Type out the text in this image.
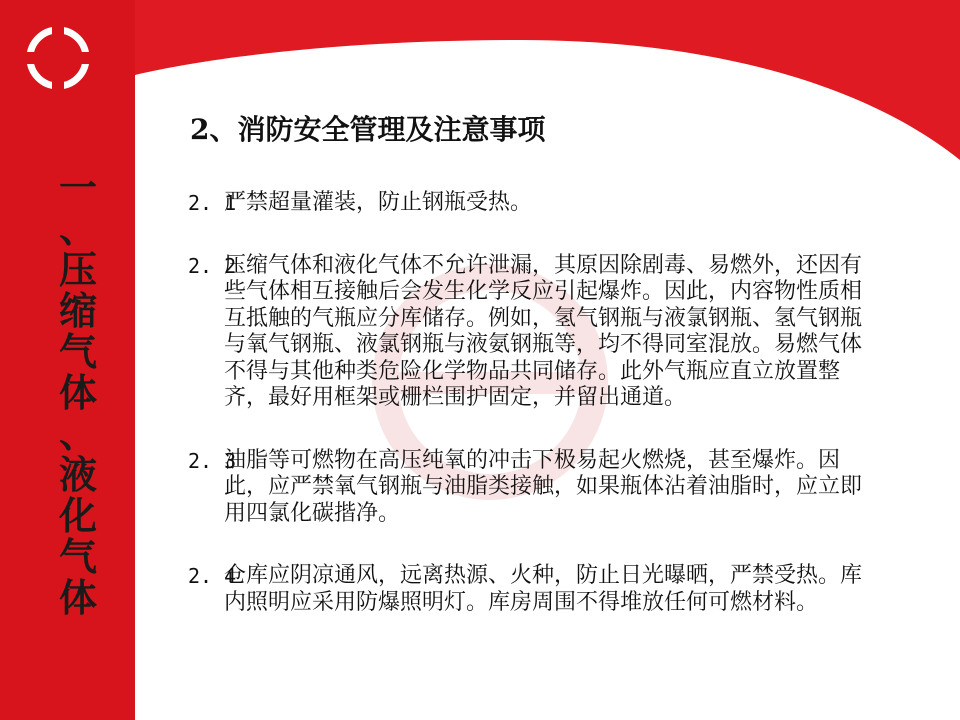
一
、
压
缩
气
体
、
液
化
气
体
2、消防安全管理及注意事项

2. 1
严禁超量灌装，防止钢瓶受热。

2. 2
压缩气体和液化气体不允许泄漏，其原因除剧毒、易燃外，还因有些气体相互接触后会发生化学反应引起爆炸。因此，内容物性质相互抵触的气瓶应分库储存。例如，氢气钢瓶与液氯钢瓶、氢气钢瓶与氧气钢瓶、液氯钢瓶与液氨钢瓶等，均不得同室混放。易燃气体不得与其他种类危险化学物品共同储存。此外气瓶应直立放置整齐，最好用框架或栅栏围护固定，并留出通道。

2. 3
油脂等可燃物在高压纯氧的冲击下极易起火燃烧，甚至爆炸。因此，应严禁氧气钢瓶与油脂类接触，如果瓶体沾着油脂时，应立即用四氯化碳揩净。

2. 4
仓库应阴凉通风，远离热源、火种，防止日光曝晒，严禁受热。库内照明应采用防爆照明灯。库房周围不得堆放任何可燃材料。
